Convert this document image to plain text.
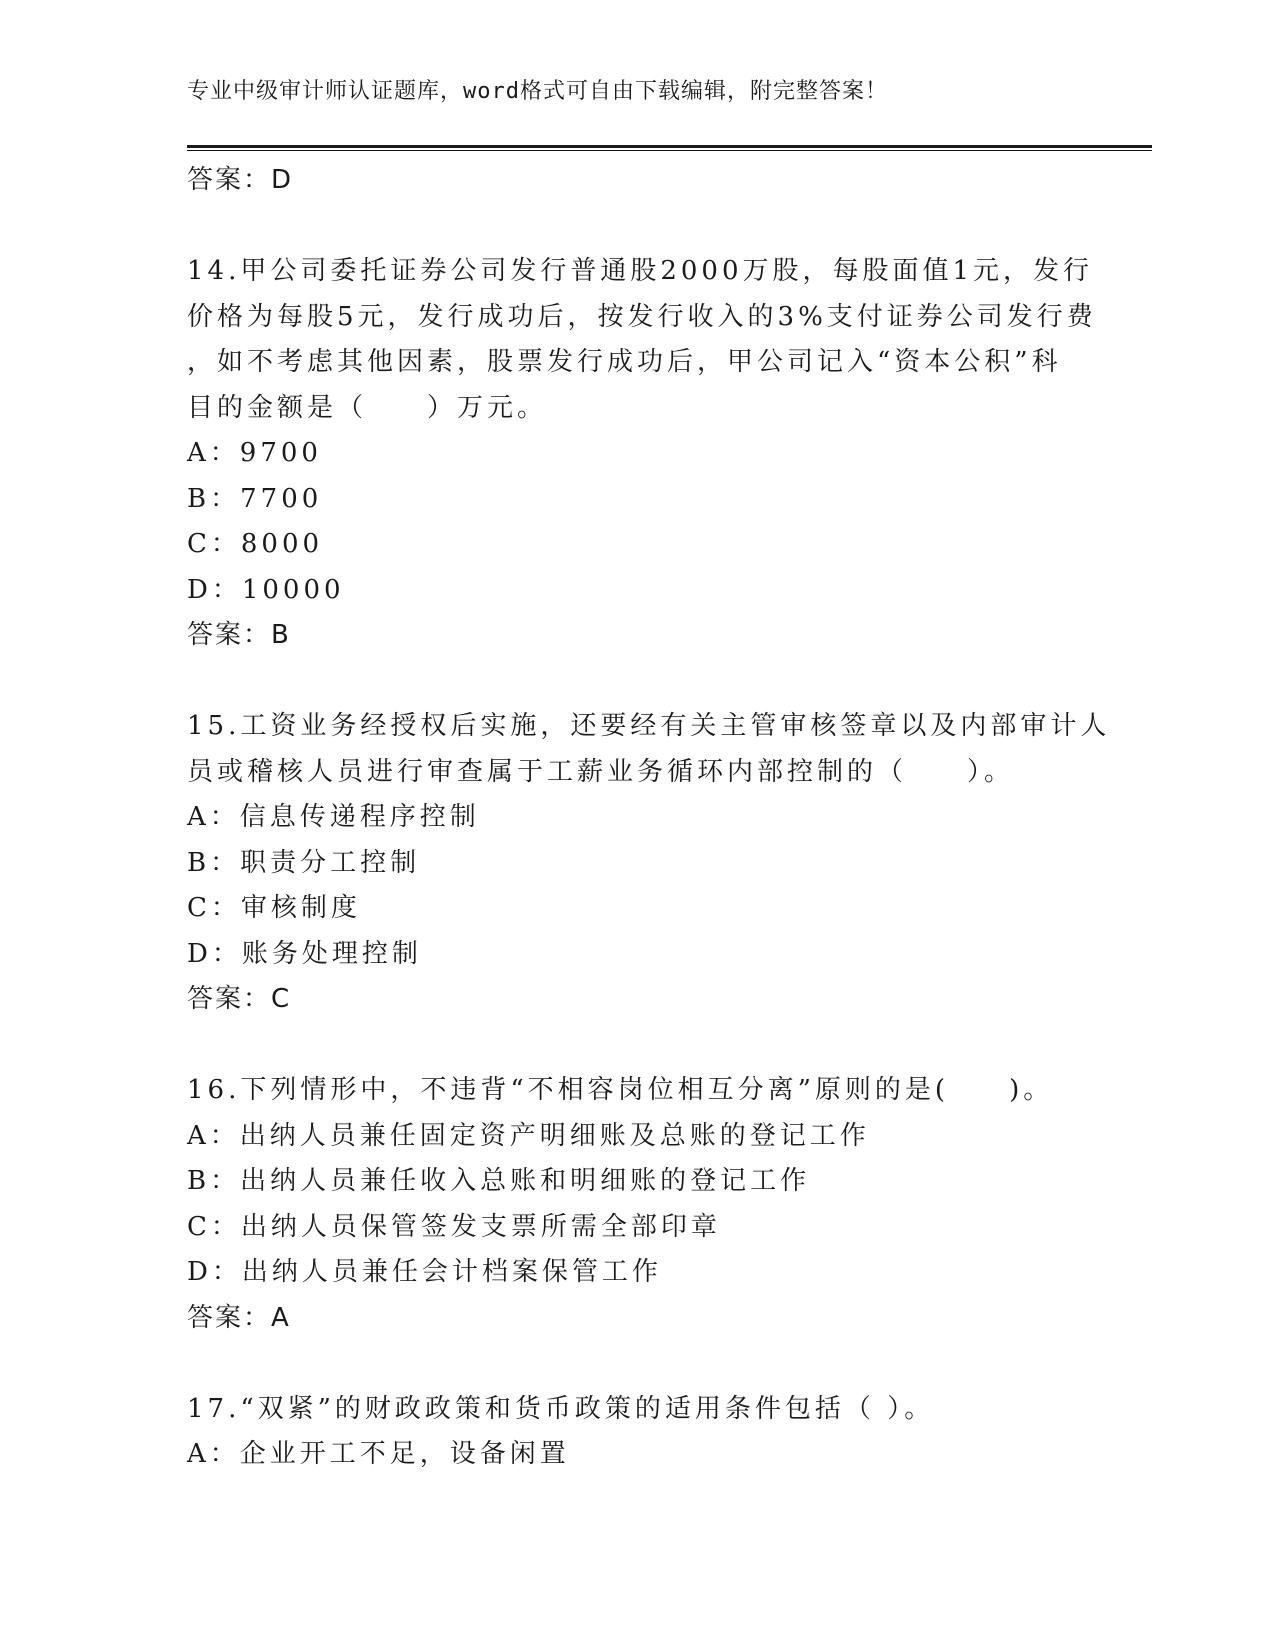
专业中级审计师认证题库，word格式可自由下载编辑，附完整答案！
答案：D
14.甲公司委托证券公司发行普通股2000万股，每股面值1元，发行
价格为每股5元，发行成功后，按发行收入的3%支付证券公司发行费
，如不考虑其他因素，股票发行成功后，甲公司记入“资本公积”科
目的金额是（　　）万元。
A：9700
B：7700
C：8000
D：10000
答案：B
15.工资业务经授权后实施，还要经有关主管审核签章以及内部审计人
员或稽核人员进行审查属于工薪业务循环内部控制的（　　）。
A：信息传递程序控制
B：职责分工控制
C：审核制度
D：账务处理控制
答案：C
16.下列情形中，不违背“不相容岗位相互分离”原则的是(　　)。
A：出纳人员兼任固定资产明细账及总账的登记工作
B：出纳人员兼任收入总账和明细账的登记工作
C：出纳人员保管签发支票所需全部印章
D：出纳人员兼任会计档案保管工作
答案：A
17.“双紧”的财政政策和货币政策的适用条件包括（ ）。
A：企业开工不足，设备闲置
